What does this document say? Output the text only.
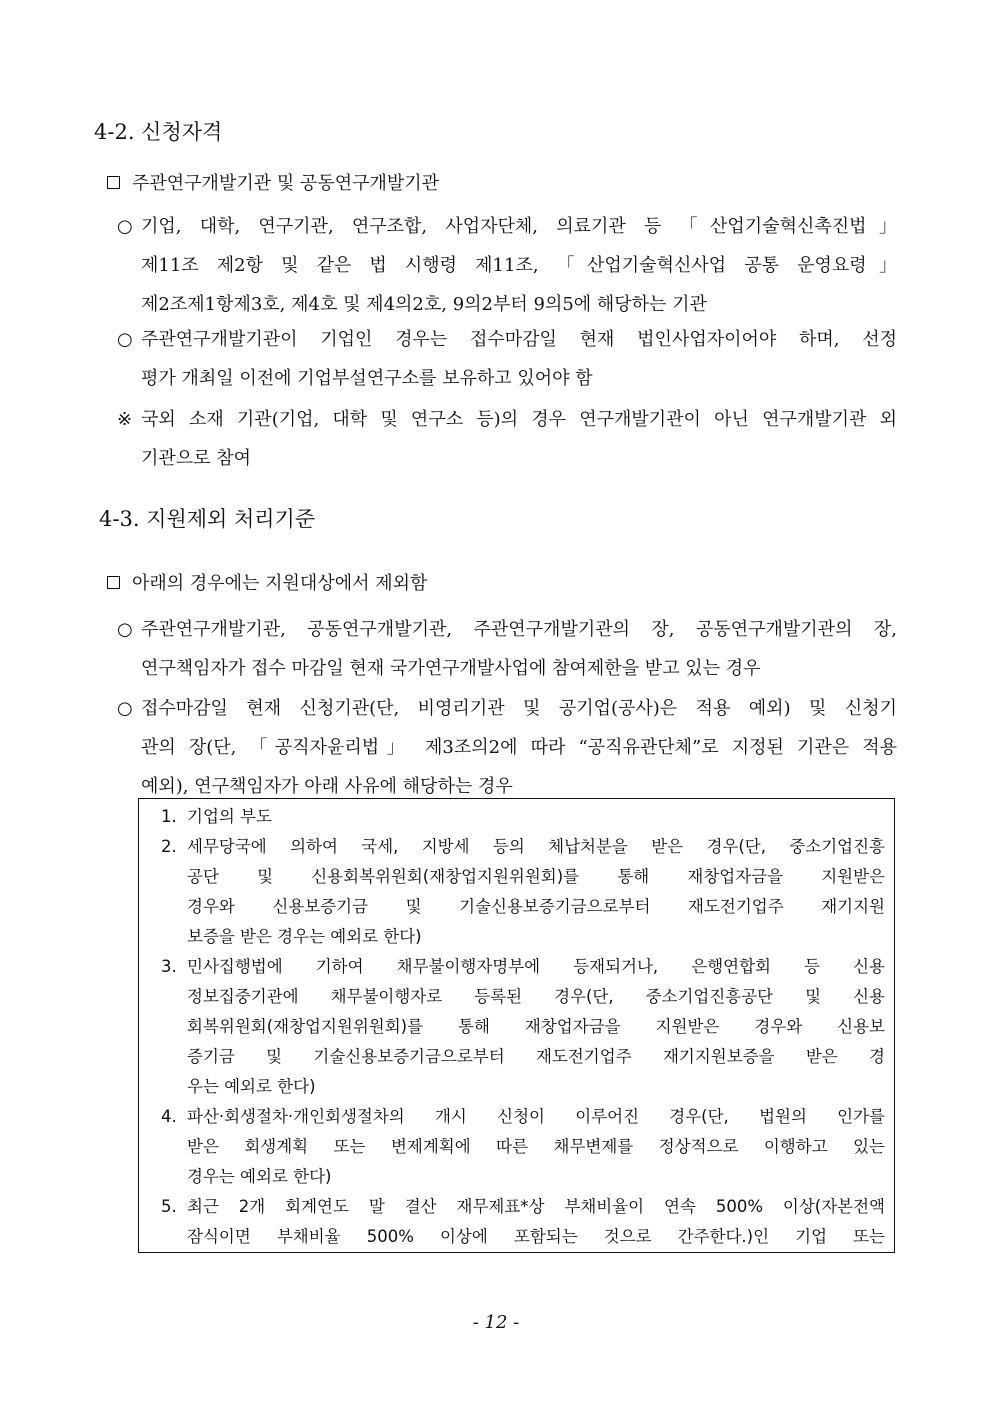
4-2. 신청자격
주관연구개발기관 및 공동연구개발기관
○ 기업, 대학, 연구기관, 연구조합, 사업자단체, 의료기관 등 「산업기술혁신촉진법」
제11조 제2항 및 같은 법 시행령 제11조, 「산업기술혁신사업 공통 운영요령」
제2조제1항제3호, 제4호 및 제4의2호, 9의2부터 9의5에 해당하는 기관
○ 주관연구개발기관이 기업인 경우는 접수마감일 현재 법인사업자이어야 하며, 선정
평가 개최일 이전에 기업부설연구소를 보유하고 있어야 함
※ 국외 소재 기관(기업, 대학 및 연구소 등)의 경우 연구개발기관이 아닌 연구개발기관 외
기관으로 참여
4-3. 지원제외 처리기준
아래의 경우에는 지원대상에서 제외함
○ 주관연구개발기관, 공동연구개발기관, 주관연구개발기관의 장, 공동연구개발기관의 장,
연구책임자가 접수 마감일 현재 국가연구개발사업에 참여제한을 받고 있는 경우
○ 접수마감일 현재 신청기관(단, 비영리기관 및 공기업(공사)은 적용 예외) 및 신청기
관의 장(단, 「공직자윤리법」 제3조의2에 따라 “공직유관단체”로 지정된 기관은 적용
예외), 연구책임자가 아래 사유에 해당하는 경우
1. 기업의 부도
2. 세무당국에 의하여 국세, 지방세 등의 체납처분을 받은 경우(단, 중소기업진흥
공단 및 신용회복위원회(재창업지원위원회)를 통해 재창업자금을 지원받은
경우와 신용보증기금 및 기술신용보증기금으로부터 재도전기업주 재기지원
보증을 받은 경우는 예외로 한다)
3. 민사집행법에 기하여 채무불이행자명부에 등재되거나, 은행연합회 등 신용
정보집중기관에 채무불이행자로 등록된 경우(단, 중소기업진흥공단 및 신용
회복위원회(재창업지원위원회)를 통해 재창업자금을 지원받은 경우와 신용보
증기금 및 기술신용보증기금으로부터 재도전기업주 재기지원보증을 받은 경
우는 예외로 한다)
4. 파산·회생절차·개인회생절차의 개시 신청이 이루어진 경우(단, 법원의 인가를
받은 회생계획 또는 변제계획에 따른 채무변제를 정상적으로 이행하고 있는
경우는 예외로 한다)
5. 최근 2개 회계연도 말 결산 재무제표*상 부채비율이 연속 500% 이상(자본전액
잠식이면 부채비율 500% 이상에 포함되는 것으로 간주한다.)인 기업 또는
- 12 -
